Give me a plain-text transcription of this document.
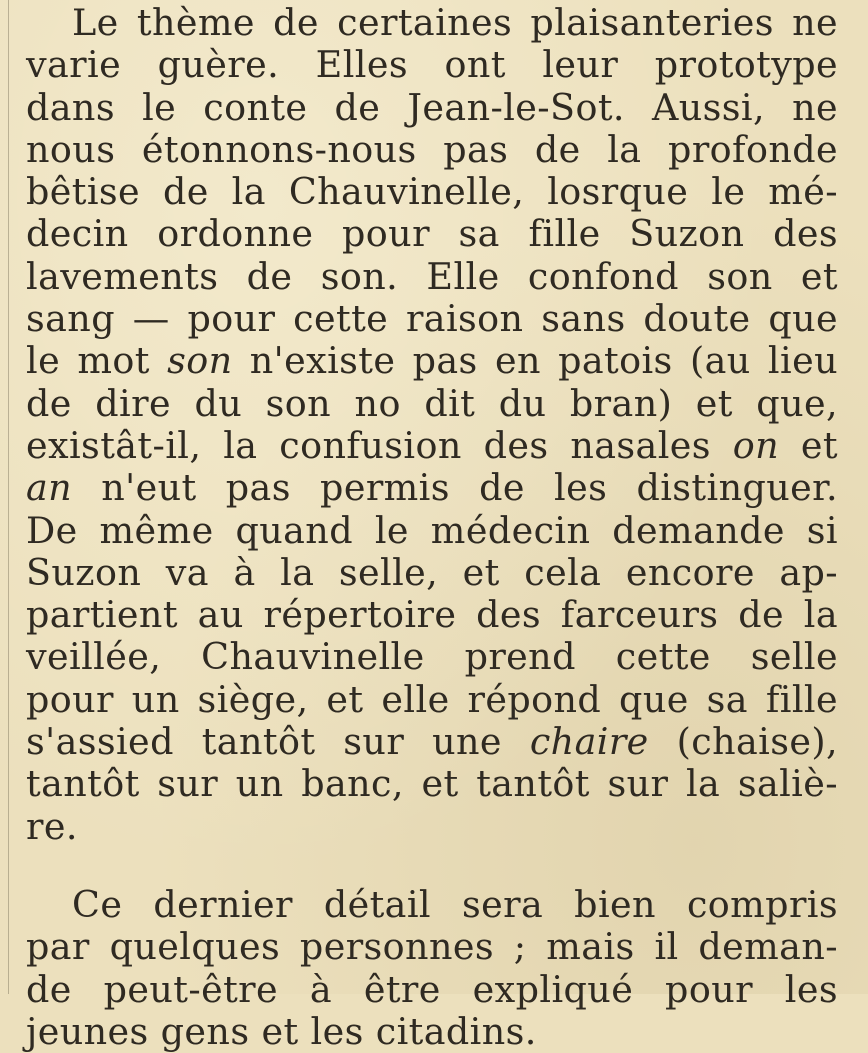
Le thème de certaines plaisanteries ne
varie guère. Elles ont leur prototype
dans le conte de Jean-le-Sot. Aussi, ne
nous étonnons-nous pas de la profonde
bêtise de la Chauvinelle, losrque le mé-
decin ordonne pour sa fille Suzon des
lavements de son. Elle confond son et
sang — pour cette raison sans doute que
le mot son n'existe pas en patois (au lieu
de dire du son no dit du bran) et que,
existât-il, la confusion des nasales on et
an n'eut pas permis de les distinguer.
De même quand le médecin demande si
Suzon va à la selle, et cela encore ap-
partient au répertoire des farceurs de la
veillée, Chauvinelle prend cette selle
pour un siège, et elle répond que sa fille
s'assied tantôt sur une chaire (chaise),
tantôt sur un banc, et tantôt sur la saliè-
re.
Ce dernier détail sera bien compris
par quelques personnes ; mais il deman-
de peut-être à être expliqué pour les
jeunes gens et les citadins.
